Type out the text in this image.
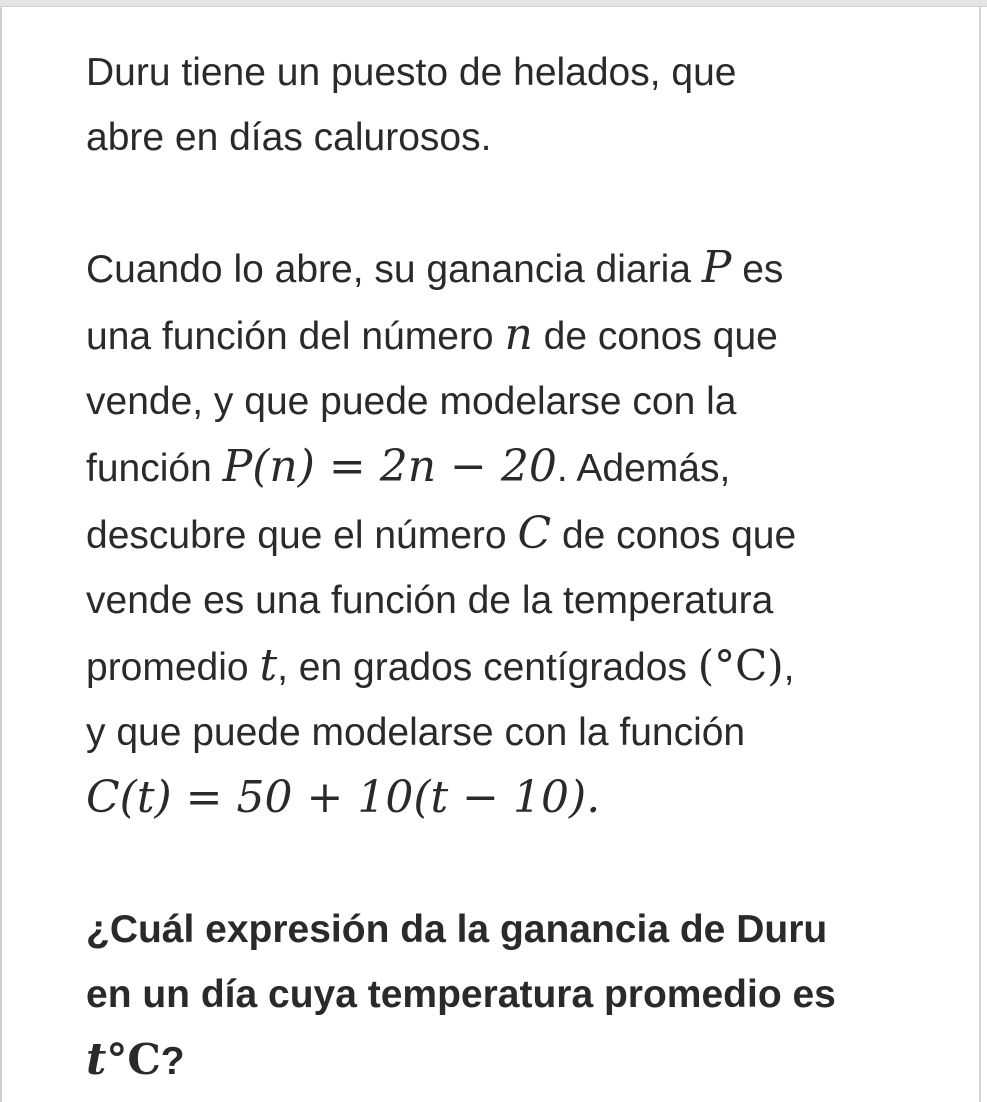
Duru tiene un puesto de helados, que
abre en días calurosos.
Cuando lo abre, su ganancia diaria P es
una función del número n de conos que
vende, y que puede modelarse con la
función P(n) = 2n − 20. Además,
descubre que el número C de conos que
vende es una función de la temperatura
promedio t, en grados centígrados (°C),
y que puede modelarse con la función
C(t) = 50 + 10(t − 10).
¿Cuál expresión da la ganancia de Duru
en un día cuya temperatura promedio es
t°C?
